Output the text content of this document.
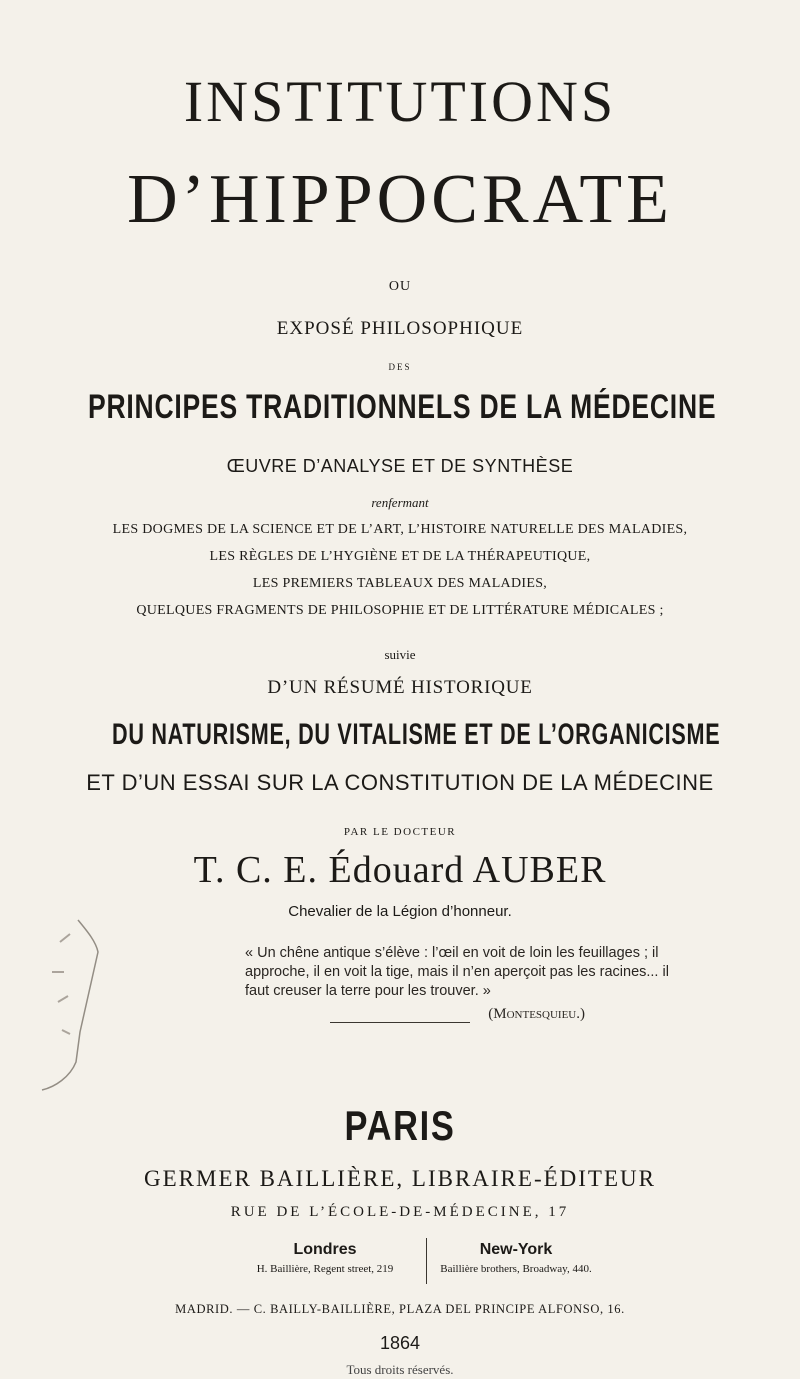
INSTITUTIONS
D’HIPPOCRATE
OU
EXPOSÉ PHILOSOPHIQUE
DES
PRINCIPES TRADITIONNELS DE LA MÉDECINE
ŒUVRE D’ANALYSE ET DE SYNTHÈSE
renfermant
LES DOGMES DE LA SCIENCE ET DE L’ART, L’HISTOIRE NATURELLE DES MALADIES,
LES RÈGLES DE L’HYGIÈNE ET DE LA THÉRAPEUTIQUE,
LES PREMIERS TABLEAUX DES MALADIES,
QUELQUES FRAGMENTS DE PHILOSOPHIE ET DE LITTÉRATURE MÉDICALES ;
suivie
D’UN RÉSUMÉ HISTORIQUE
DU NATURISME, DU VITALISME ET DE L’ORGANICISME
ET D’UN ESSAI SUR LA CONSTITUTION DE LA MÉDECINE
PAR LE DOCTEUR
T. C. E. Édouard AUBER
Chevalier de la Légion d’honneur.
« Un chêne antique s’élève : l’œil en voit de loin les feuillages ; il approche, il en voit la tige, mais il n’en aperçoit pas les racines... il faut creuser la terre pour les trouver. »
(Montesquieu.)
PARIS
GERMER BAILLIÈRE, LIBRAIRE-ÉDITEUR
RUE DE L’ÉCOLE-DE-MÉDECINE, 17
Londres
H. Baillière, Regent street, 219
New-York
Baillière brothers, Broadway, 440.
MADRID. — C. BAILLY-BAILLIÈRE, PLAZA DEL PRINCIPE ALFONSO, 16.
1864
Tous droits réservés.
